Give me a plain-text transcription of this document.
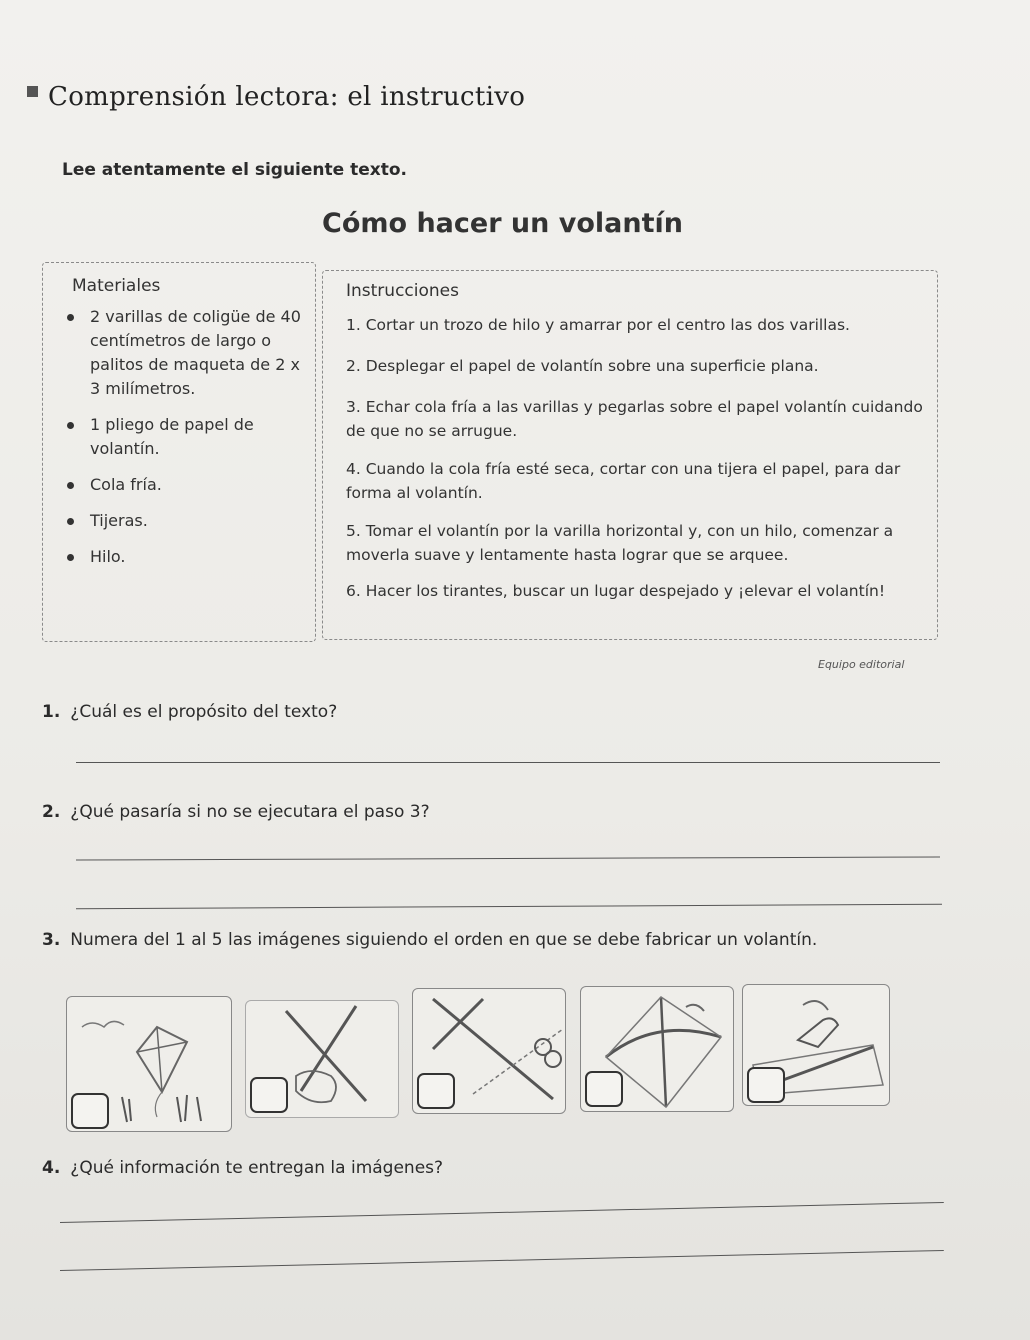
Comprensión lectora: el instructivo
Lee atentamente el siguiente texto.
Cómo hacer un volantín
Materiales
2 varillas de coligüe de 40 centímetros de largo o palitos de maqueta de 2 x 3 milímetros.
1 pliego de papel de volantín.
Cola fría.
Tijeras.
Hilo.
Instrucciones
1. Cortar un trozo de hilo y amarrar por el centro las dos varillas.
2. Desplegar el papel de volantín sobre una superficie plana.
3. Echar cola fría a las varillas y pegarlas sobre el papel volantín cuidando de que no se arrugue.
4. Cuando la cola fría esté seca, cortar con una tijera el papel, para dar forma al volantín.
5. Tomar el volantín por la varilla horizontal y, con un hilo, comenzar a moverla suave y lentamente hasta lograr que se arquee.
6. Hacer los tirantes, buscar un lugar despejado y ¡elevar el volantín!
Equipo editorial
1. ¿Cuál es el propósito del texto?
2. ¿Qué pasaría si no se ejecutara el paso 3?
3. Numera del 1 al 5 las imágenes siguiendo el orden en que se debe fabricar un volantín.
4. ¿Qué información te entregan la imágenes?
